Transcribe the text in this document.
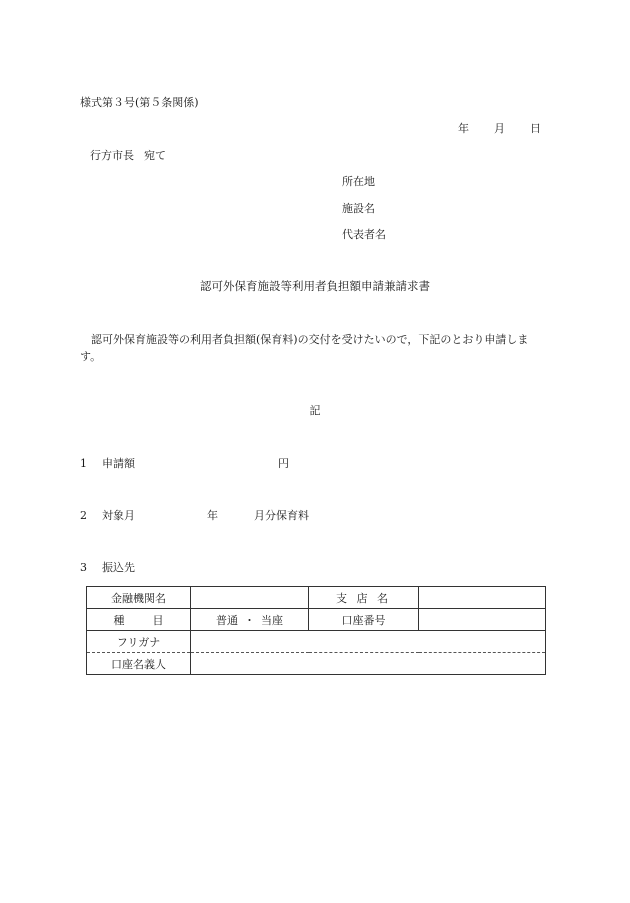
様式第３号(第５条関係)
年 月 日
行方市長 宛て
所在地
施設名
代表者名
認可外保育施設等利用者負担額申請兼請求書
認可外保育施設等の利用者負担額(保育料)の交付を受けたいので，下記のとおり申請します。
記
1 申請額	円
2 対象月	年	月分保育料
3 振込先
金融機関名		支 店 名	
種 目	普通 ・ 当座	口座番号	
フリガナ			
口座名義人			
